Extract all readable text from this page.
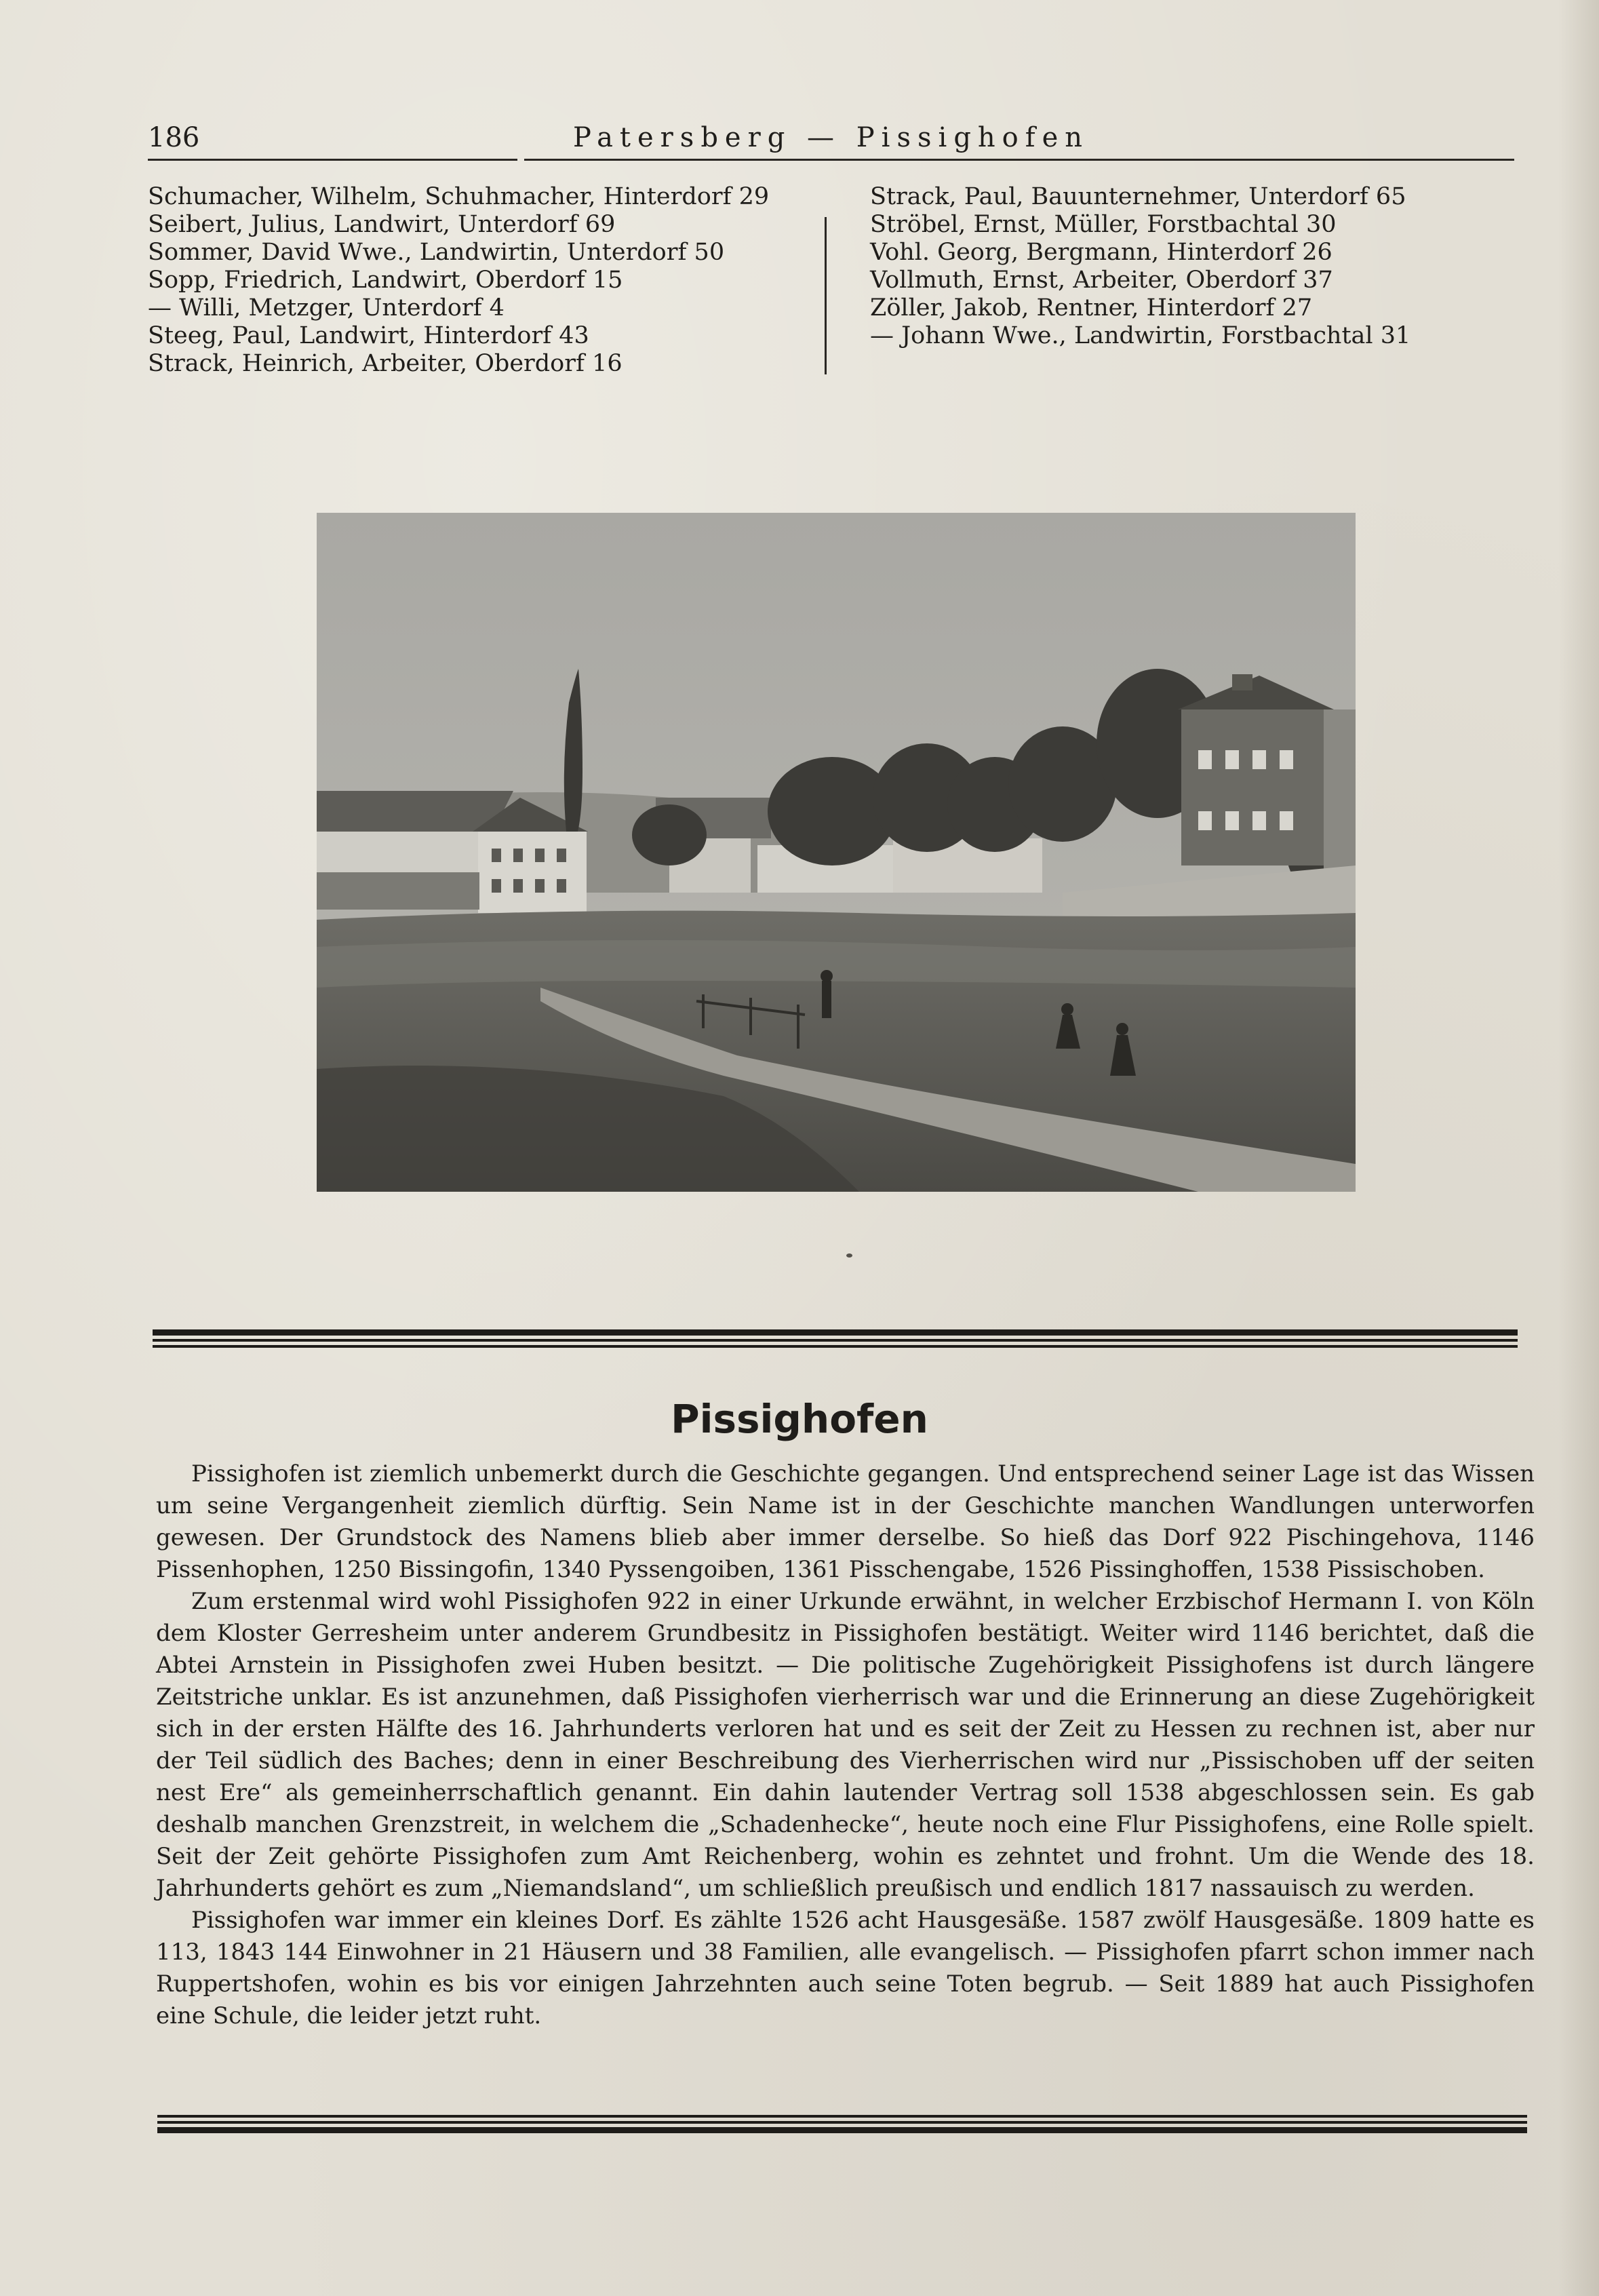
186	Patersberg — Pissighofen
Schumacher, Wilhelm, Schuhmacher, Hinterdorf 29
Seibert, Julius, Landwirt, Unterdorf 69
Sommer, David Wwe., Landwirtin, Unterdorf 50
Sopp, Friedrich, Landwirt, Oberdorf 15
— Willi, Metzger, Unterdorf 4
Steeg, Paul, Landwirt, Hinterdorf 43
Strack, Heinrich, Arbeiter, Oberdorf 16
Strack, Paul, Bauunternehmer, Unterdorf 65
Ströbel, Ernst, Müller, Forstbachtal 30
Vohl. Georg, Bergmann, Hinterdorf 26
Vollmuth, Ernst, Arbeiter, Oberdorf 37
Zöller, Jakob, Rentner, Hinterdorf 27
— Johann Wwe., Landwirtin, Forstbachtal 31
Pissighofen

Pissighofen ist ziemlich unbemerkt durch die Geschichte gegangen. Und entsprechend seiner Lage ist das Wissen um seine Vergangenheit ziemlich dürftig. Sein Name ist in der Geschichte manchen Wandlungen unterworfen gewesen. Der Grundstock des Namens blieb aber immer derselbe. So hieß das Dorf 922 Pischingehova, 1146 Pissenhophen, 1250 Bissingofin, 1340 Pyssengoiben, 1361 Pisschengabe, 1526 Pissinghoffen, 1538 Pissischoben.

Zum erstenmal wird wohl Pissighofen 922 in einer Urkunde erwähnt, in welcher Erzbischof Hermann I. von Köln dem Kloster Gerresheim unter anderem Grundbesitz in Pissighofen bestätigt. Weiter wird 1146 berichtet, daß die Abtei Arnstein in Pissighofen zwei Huben besitzt. — Die politische Zugehörigkeit Pissighofens ist durch längere Zeitstriche unklar. Es ist anzunehmen, daß Pissighofen vierherrisch war und die Erinnerung an diese Zugehörigkeit sich in der ersten Hälfte des 16. Jahrhunderts verloren hat und es seit der Zeit zu Hessen zu rechnen ist, aber nur der Teil südlich des Baches; denn in einer Beschreibung des Vierherrischen wird nur „Pissischoben uff der seiten nest Ere“ als gemeinherrschaftlich genannt. Ein dahin lautender Vertrag soll 1538 abgeschlossen sein. Es gab deshalb manchen Grenzstreit, in welchem die „Schadenhecke“, heute noch eine Flur Pissighofens, eine Rolle spielt. Seit der Zeit gehörte Pissighofen zum Amt Reichenberg, wohin es zehntet und frohnt. Um die Wende des 18. Jahrhunderts gehört es zum „Niemandsland“, um schließlich preußisch und endlich 1817 nassauisch zu werden.

Pissighofen war immer ein kleines Dorf. Es zählte 1526 acht Hausgesäße. 1587 zwölf Hausgesäße. 1809 hatte es 113, 1843 144 Einwohner in 21 Häusern und 38 Familien, alle evangelisch. — Pissighofen pfarrt schon immer nach Ruppertshofen, wohin es bis vor einigen Jahrzehnten auch seine Toten begrub. — Seit 1889 hat auch Pissighofen eine Schule, die leider jetzt ruht.
